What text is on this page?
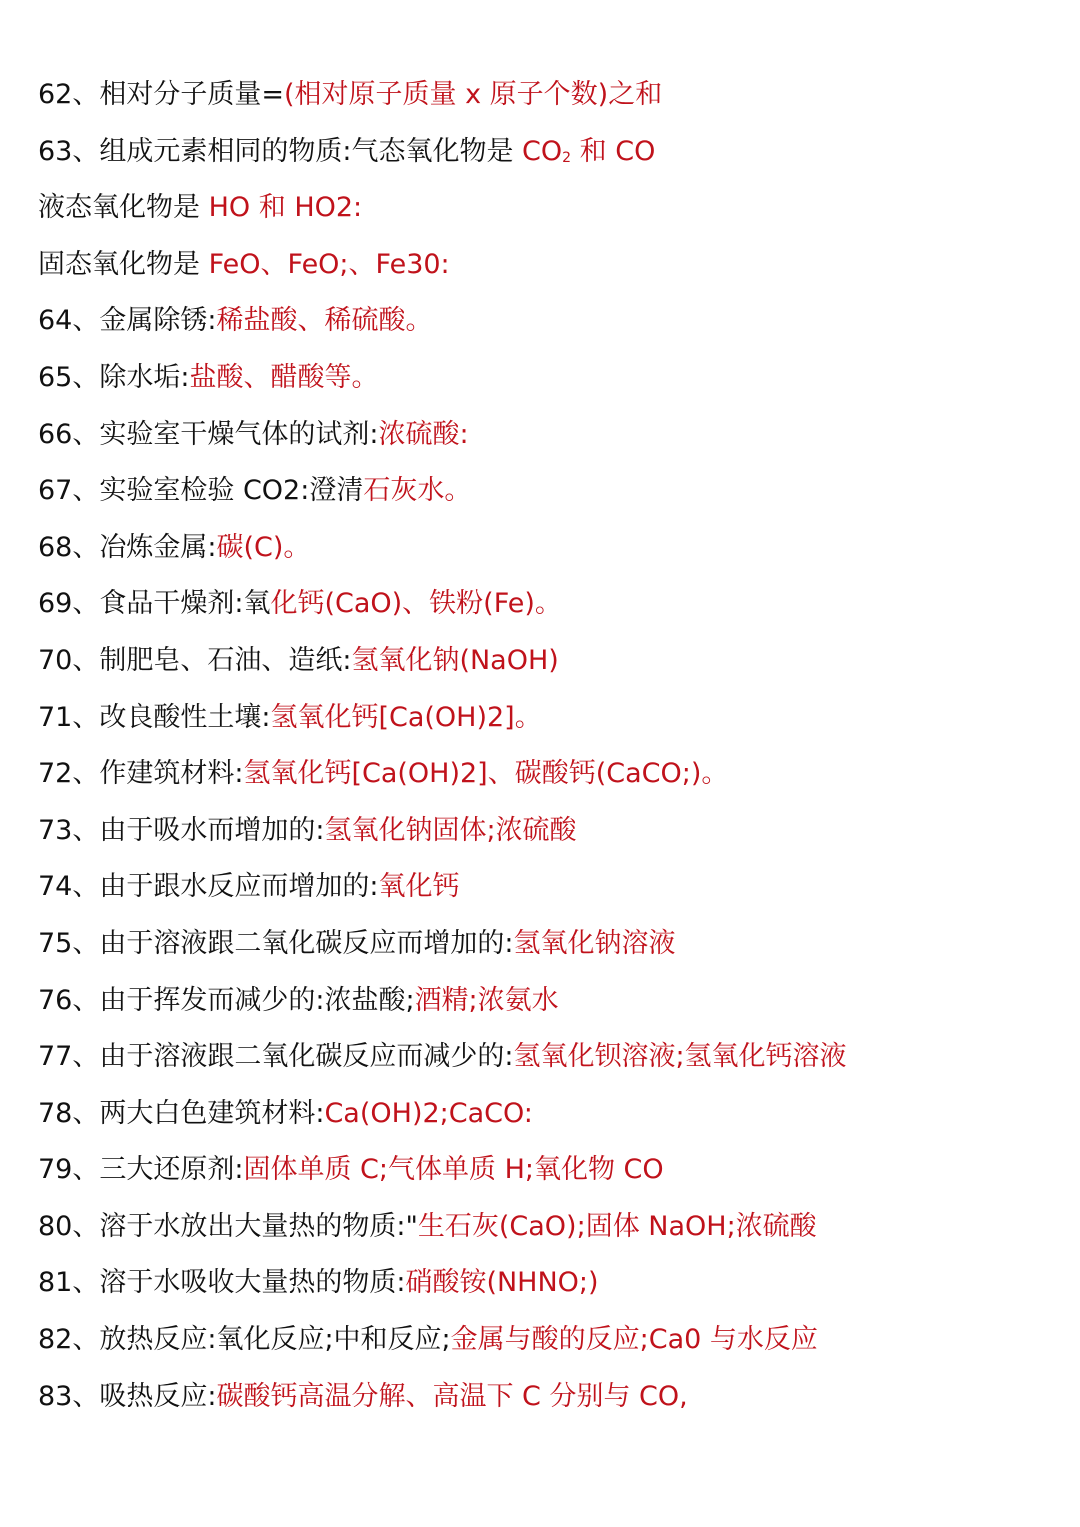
62、相对分子质量=(相对原子质量 x 原子个数)之和
63、组成元素相同的物质:气态氧化物是 CO2 和 CO
液态氧化物是 HO 和 HO2:
固态氧化物是 FeO、FeO;、Fe30:
64、金属除锈:稀盐酸、稀硫酸。
65、除水垢:盐酸、醋酸等。
66、实验室干燥气体的试剂:浓硫酸:
67、实验室检验 CO2:澄清石灰水。
68、冶炼金属:碳(C)。
69、食品干燥剂:氧化钙(CaO)、铁粉(Fe)。
70、制肥皂、石油、造纸:氢氧化钠(NaOH)
71、改良酸性土壤:氢氧化钙[Ca(OH)2]。
72、作建筑材料:氢氧化钙[Ca(OH)2]、碳酸钙(CaCO;)。
73、由于吸水而增加的:氢氧化钠固体;浓硫酸
74、由于跟水反应而增加的:氧化钙
75、由于溶液跟二氧化碳反应而增加的:氢氧化钠溶液
76、由于挥发而减少的:浓盐酸;酒精;浓氨水
77、由于溶液跟二氧化碳反应而减少的:氢氧化钡溶液;氢氧化钙溶液
78、两大白色建筑材料:Ca(OH)2;CaCO:
79、三大还原剂:固体单质 C;气体单质 H;氧化物 CO
80、溶于水放出大量热的物质:"生石灰(CaO);固体 NaOH;浓硫酸
81、溶于水吸收大量热的物质:硝酸铵(NHNO;)
82、放热反应:氧化反应;中和反应;金属与酸的反应;Ca0 与水反应
83、吸热反应:碳酸钙高温分解、高温下 C 分别与 CO,
